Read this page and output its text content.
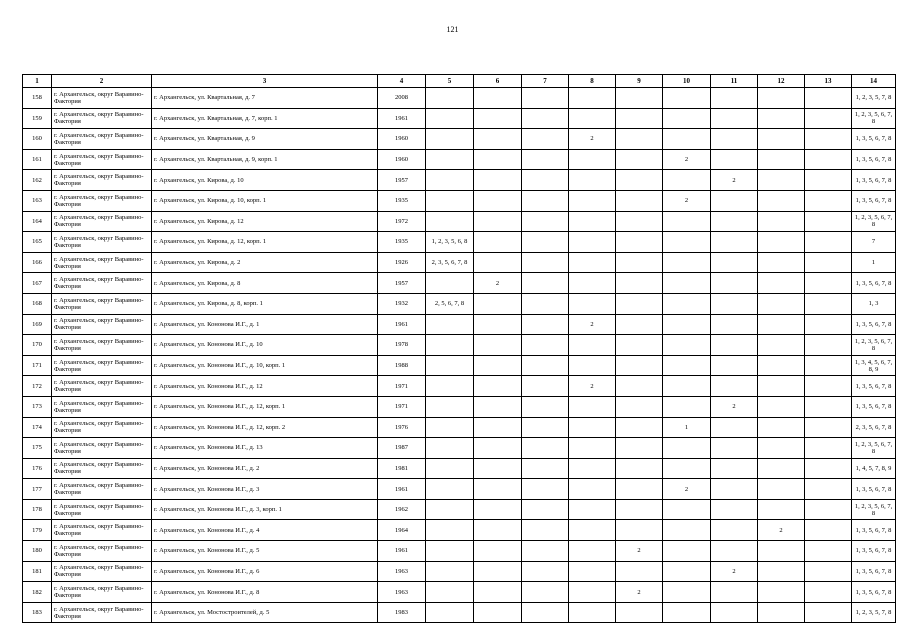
121
1	2	3	4	5	6	7	8	9	10	11	12	13	14
158	г. Архангельск, округ Варавино-Фактория	г. Архангельск, ул. Квартальная, д. 7	2008										1, 2, 3, 5, 7, 8
159	г. Архангельск, округ Варавино-Фактория	г. Архангельск, ул. Квартальная, д. 7, корп. 1	1961										1, 2, 3, 5, 6, 7, 8
160	г. Архангельск, округ Варавино-Фактория	г. Архангельск, ул. Квартальная, д. 9	1960				2						1, 3, 5, 6, 7, 8
161	г. Архангельск, округ Варавино-Фактория	г. Архангельск, ул. Квартальная, д. 9, корп. 1	1960						2				1, 3, 5, 6, 7, 8
162	г. Архангельск, округ Варавино-Фактория	г. Архангельск, ул. Кирова, д. 10	1957							2			1, 3, 5, 6, 7, 8
163	г. Архангельск, округ Варавино-Фактория	г. Архангельск, ул. Кирова, д. 10, корп. 1	1935						2				1, 3, 5, 6, 7, 8
164	г. Архангельск, округ Варавино-Фактория	г. Архангельск, ул. Кирова, д. 12	1972										1, 2, 3, 5, 6, 7, 8
165	г. Архангельск, округ Варавино-Фактория	г. Архангельск, ул. Кирова, д. 12, корп. 1	1935	1, 2, 3, 5, 6, 8									7
166	г. Архангельск, округ Варавино-Фактория	г. Архангельск, ул. Кирова, д. 2	1926	2, 3, 5, 6, 7, 8									1
167	г. Архангельск, округ Варавино-Фактория	г. Архангельск, ул. Кирова, д. 8	1957		2								1, 3, 5, 6, 7, 8
168	г. Архангельск, округ Варавино-Фактория	г. Архангельск, ул. Кирова, д. 8, корп. 1	1932	2, 5, 6, 7, 8									1, 3
169	г. Архангельск, округ Варавино-Фактория	г. Архангельск, ул. Кононова И.Г., д. 1	1961				2						1, 3, 5, 6, 7, 8
170	г. Архангельск, округ Варавино-Фактория	г. Архангельск, ул. Кононова И.Г., д. 10	1978										1, 2, 3, 5, 6, 7, 8
171	г. Архангельск, округ Варавино-Фактория	г. Архангельск, ул. Кононова И.Г., д. 10, корп. 1	1988										1, 3, 4, 5, 6, 7, 8, 9
172	г. Архангельск, округ Варавино-Фактория	г. Архангельск, ул. Кононова И.Г., д. 12	1971				2						1, 3, 5, 6, 7, 8
173	г. Архангельск, округ Варавино-Фактория	г. Архангельск, ул. Кононова И.Г., д. 12, корп. 1	1971							2			1, 3, 5, 6, 7, 8
174	г. Архангельск, округ Варавино-Фактория	г. Архангельск, ул. Кононова И.Г., д. 12, корп. 2	1976						1				2, 3, 5, 6, 7, 8
175	г. Архангельск, округ Варавино-Фактория	г. Архангельск, ул. Кононова И.Г., д. 13	1987										1, 2, 3, 5, 6, 7, 8
176	г. Архангельск, округ Варавино-Фактория	г. Архангельск, ул. Кононова И.Г., д. 2	1981										1, 4, 5, 7, 8, 9
177	г. Архангельск, округ Варавино-Фактория	г. Архангельск, ул. Кононова И.Г., д. 3	1961						2				1, 3, 5, 6, 7, 8
178	г. Архангельск, округ Варавино-Фактория	г. Архангельск, ул. Кононова И.Г., д. 3, корп. 1	1962										1, 2, 3, 5, 6, 7, 8
179	г. Архангельск, округ Варавино-Фактория	г. Архангельск, ул. Кононова И.Г., д. 4	1964								2		1, 3, 5, 6, 7, 8
180	г. Архангельск, округ Варавино-Фактория	г. Архангельск, ул. Кононова И.Г., д. 5	1961					2					1, 3, 5, 6, 7, 8
181	г. Архангельск, округ Варавино-Фактория	г. Архангельск, ул. Кононова И.Г., д. 6	1963							2			1, 3, 5, 6, 7, 8
182	г. Архангельск, округ Варавино-Фактория	г. Архангельск, ул. Кононова И.Г., д. 8	1963					2					1, 3, 5, 6, 7, 8
183	г. Архангельск, округ Варавино-Фактория	г. Архангельск, ул. Мостостроителей, д. 5	1983										1, 2, 3, 5, 7, 8
